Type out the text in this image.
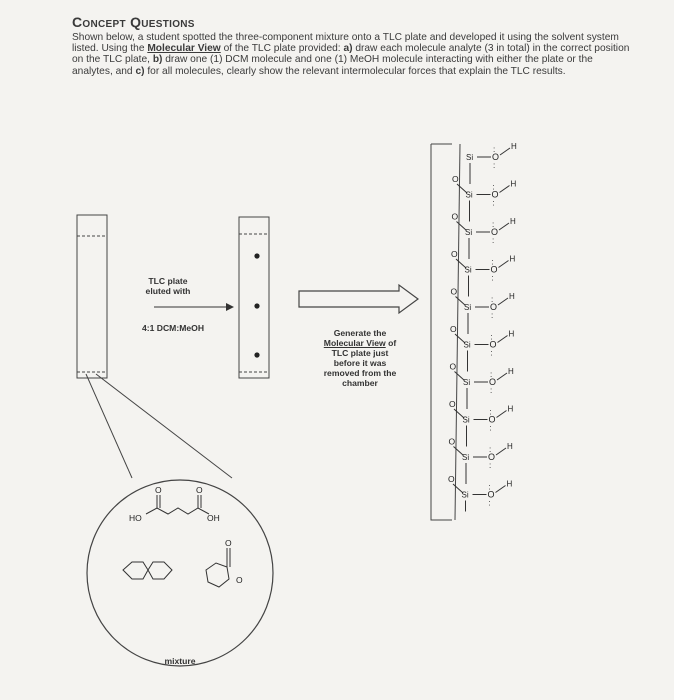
Concept Questions
Shown below, a student spotted the three-component mixture onto a TLC plate and developed it using the solvent system listed. Using the Molecular View of the TLC plate provided: a) draw each molecule analyte (3 in total) in the correct position on the TLC plate, b) draw one (1) DCM molecule and one (1) MeOH molecule interacting with either the plate or the analytes, and c) for all molecules, clearly show the relevant intermolecular forces that explain the TLC results.
TLC plate
eluted with
4:1 DCM:MeOH	Generate the
Molecular View of
TLC plate just
before it was
removed from the
chamber
mixture
O	O
HO	OH
O
O
Si O
:
:
H
O
Si O
:
:
H
O
Si O
:
:
H
O
Si O
:
:
H
O
Si O
:
:
H
O
Si O
:
:
H
O
Si O
:
:
H
O
Si O
:
:
H
O
Si O
:
:
H
O
Si O
:
:
H
